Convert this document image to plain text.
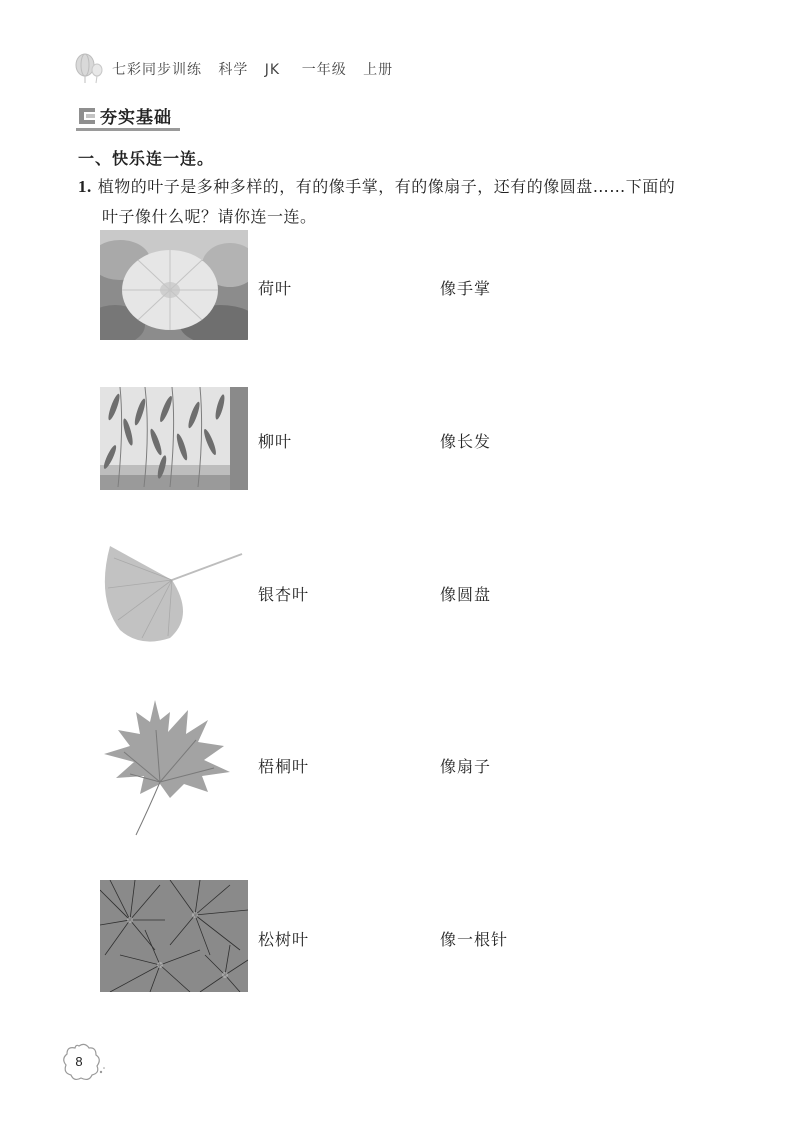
七彩同步训练   科学   JK    一年级   上册
夯实基础
一、快乐连一连。
1. 植物的叶子是多种多样的，有的像手掌，有的像扇子，还有的像圆盘……下面的
叶子像什么呢？请你连一连。
荷叶	像手掌
柳叶	像长发
银杏叶	像圆盘
梧桐叶	像扇子
松树叶	像一根针
8
